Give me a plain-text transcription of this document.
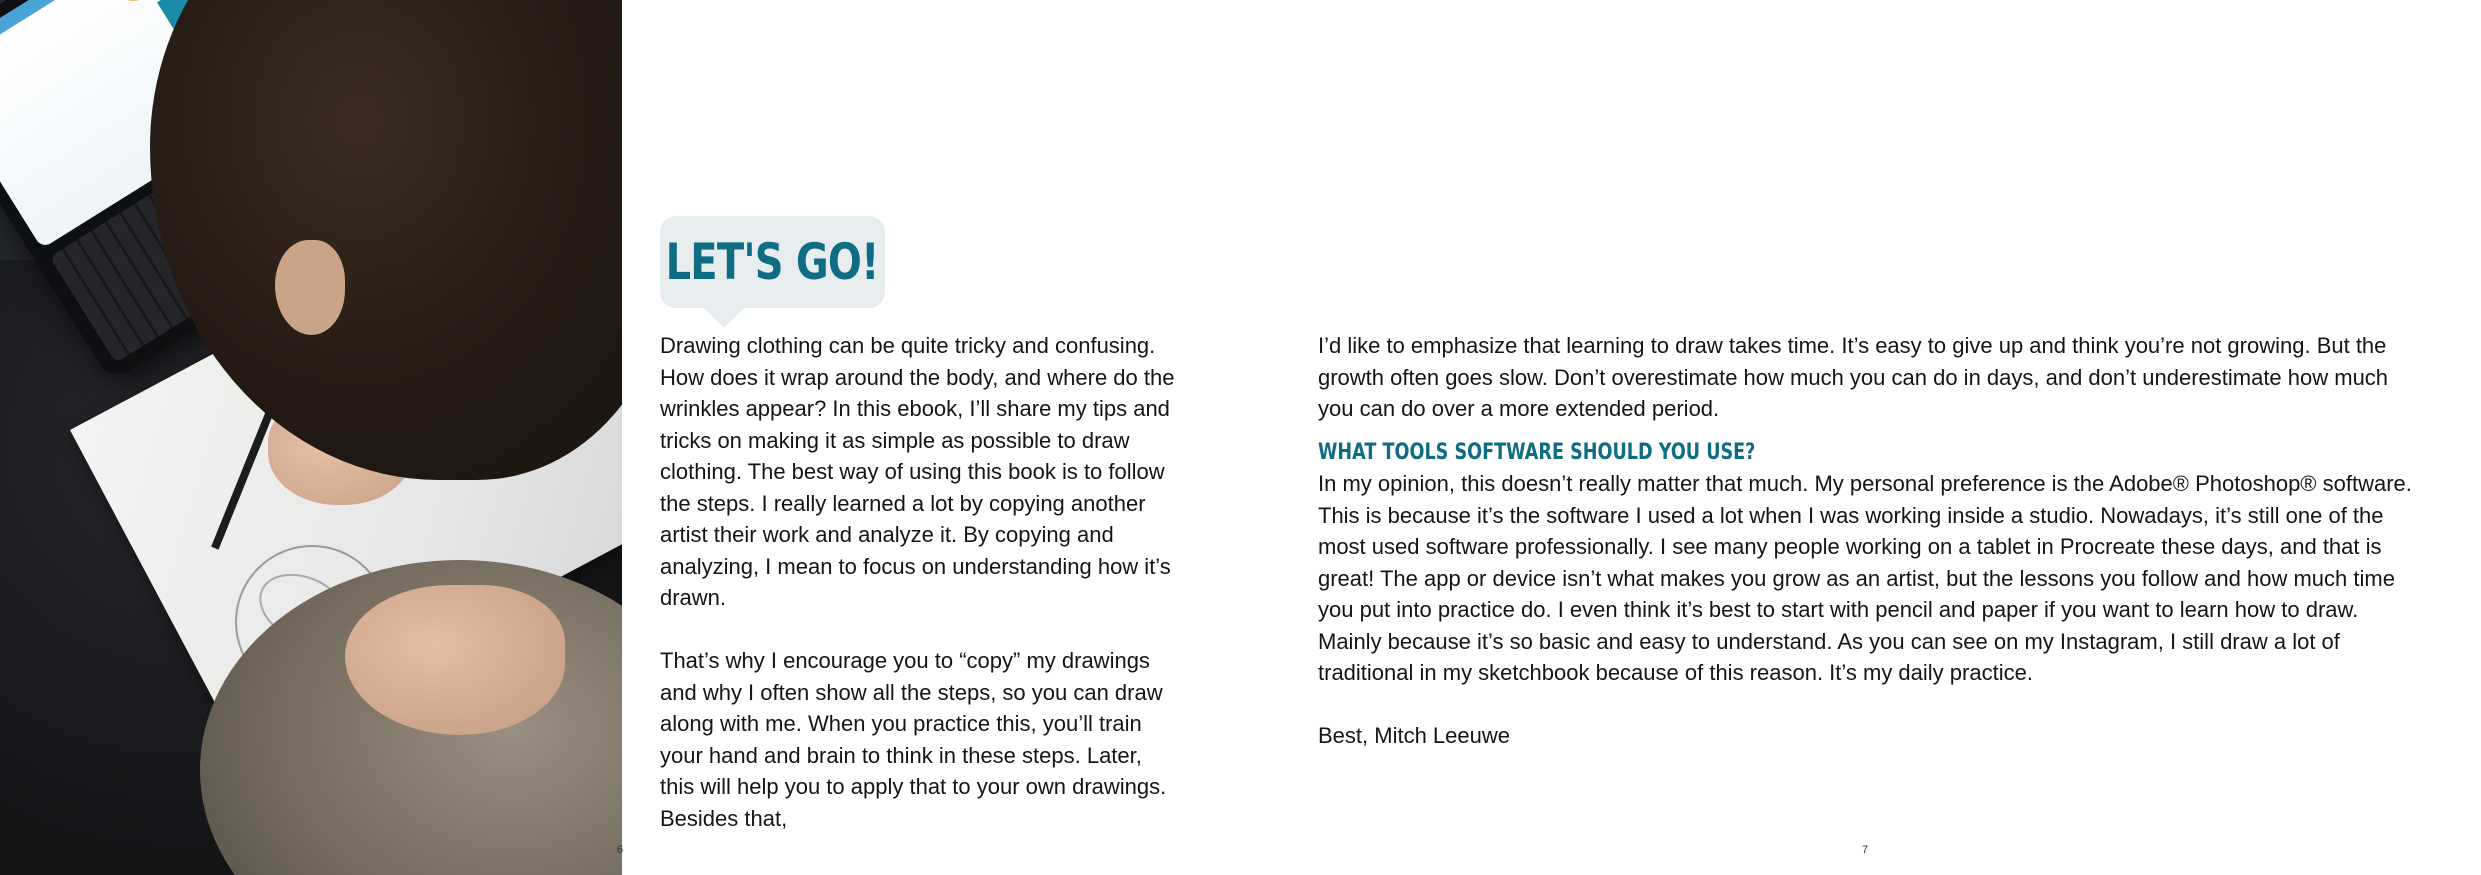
LET'S GO!

Drawing clothing can be quite tricky and confusing. How does it wrap around the body, and where do the wrinkles appear? In this ebook, I’ll share my tips and tricks on making it as simple as possible to draw clothing. The best way of using this book is to follow the steps. I really learned a lot by copying another artist their work and analyze it. By copying and analyzing, I mean to focus on understanding how it’s drawn.

That’s why I encourage you to “copy” my drawings and why I often show all the steps, so you can draw along with me. When you practice this, you’ll train your hand and brain to think in these steps. Later, this will help you to apply that to your own drawings. Besides that,

I’d like to emphasize that learning to draw takes time. It’s easy to give up and think you’re not growing. But the growth often goes slow. Don’t overestimate how much you can do in days, and don’t underestimate how much you can do over a more extended period.

WHAT TOOLS SOFTWARE SHOULD YOU USE?

In my opinion, this doesn’t really matter that much. My personal preference is the Adobe® Photoshop® software. This is because it’s the software I used a lot when I was working inside a studio. Nowadays, it’s still one of the most used software professionally. I see many people working on a tablet in Procreate these days, and that is great! The app or device isn’t what makes you grow as an artist, but the lessons you follow and how much time you put into practice do. I even think it’s best to start with pencil and paper if you want to learn how to draw. Mainly because it’s so basic and easy to understand. As you can see on my Instagram, I still draw a lot of traditional in my sketchbook because of this reason. It’s my daily practice.

Best, Mitch Leeuwe

6	7
